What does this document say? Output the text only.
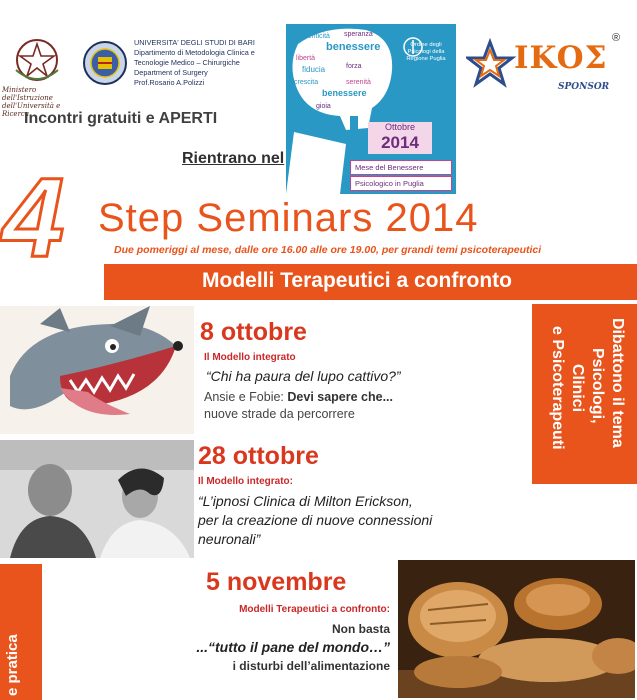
Ministero dell'Istruzione dell'Università e Ricerca
UNIVERSITA' DEGLI STUDI DI BARI
Dipartimento di Metodologia Clinica e
Tecnologie Medico – Chirurgiche
Department of Surgery
Prof.Rosario A.Polizzi
autenticità speranza
benessere
libertà
fiducia	forza
crescita
benessere
serenità
gioia
Ordine degli Psicologi della Regione Puglia
Ottobre
2014
Mese del Benessere
Psicologico in Puglia
IKOΣ
®
SPONSOR
Incontri gratuiti e APERTI
Rientrano nel
4 Step Seminars 2014
Due pomeriggi al mese, dalle ore 16.00 alle ore 19.00, per grandi temi psicoterapeutici
Modelli Terapeutici a confronto
Dibattono il tema
Psicologi,
Clinici
e Psicoterapeuti
e pratica
8 ottobre
Il Modello integrato
“Chi ha paura del lupo cattivo?”
Ansie e Fobie: Devi sapere che...
nuove strade da percorrere
28 ottobre
Il Modello integrato:
“L’ipnosi Clinica di Milton Erickson,
per la creazione di nuove connessioni
neuronali”
5 novembre
Modelli Terapeutici a confronto:
Non basta
...“tutto il pane del mondo…”
i disturbi dell’alimentazione
